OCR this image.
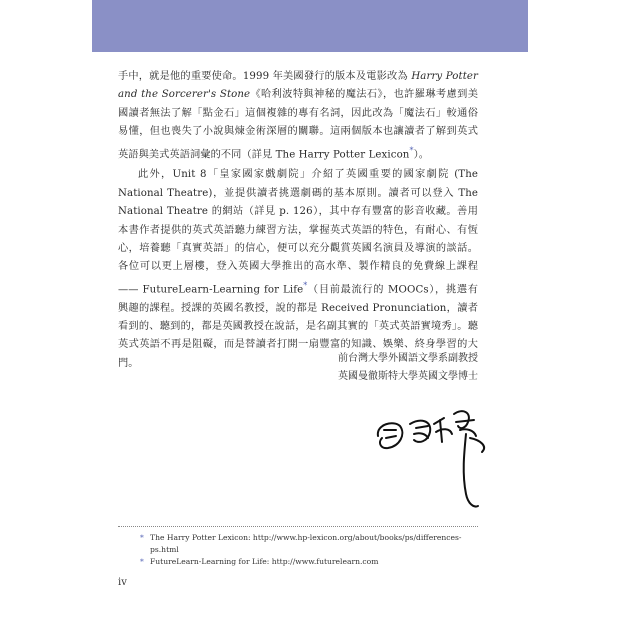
手中，就是他的重要使命。1999 年美國發行的版本及電影改為 Harry Potter and the Sorcerer's Stone《哈利波特與神秘的魔法石》，也許羅琳考慮到美國讀者無法了解「點金石」這個複雜的專有名詞，因此改為「魔法石」較通俗易懂，但也喪失了小說與煉金術深層的關聯。這兩個版本也讓讀者了解到英式英語與美式英語詞彙的不同（詳見 The Harry Potter Lexicon*）。

此外，Unit 8「皇家國家戲劇院」介紹了英國重要的國家劇院 (The National Theatre)，並提供讀者挑選劇碼的基本原則。讀者可以登入 The National Theatre 的網站（詳見 p. 126），其中存有豐富的影音收藏。善用本書作者提供的英式英語聽力練習方法，掌握英式英語的特色，有耐心、有恆心，培養聽「真實英語」的信心，便可以充分觀賞英國名演員及導演的談話。各位可以更上層樓，登入英國大學推出的高水準、製作精良的免費線上課程 —— FutureLearn-Learning for Life*（目前最流行的 MOOCs），挑選有興趣的課程。授課的英國名教授，說的都是 Received Pronunciation，讀者看到的、聽到的，都是英國教授在說話，是名副其實的「英式英語實境秀」。聽英式英語不再是阻礙，而是替讀者打開一扇豐富的知識、娛樂、終身學習的大門。	前台灣大學外國語文學系副教授
英國曼徹斯特大學英國文學博士
* The Harry Potter Lexicon: http://www.hp-lexicon.org/about/books/ps/differences-ps.html
* FutureLearn-Learning for Life: http://www.futurelearn.com
iv
